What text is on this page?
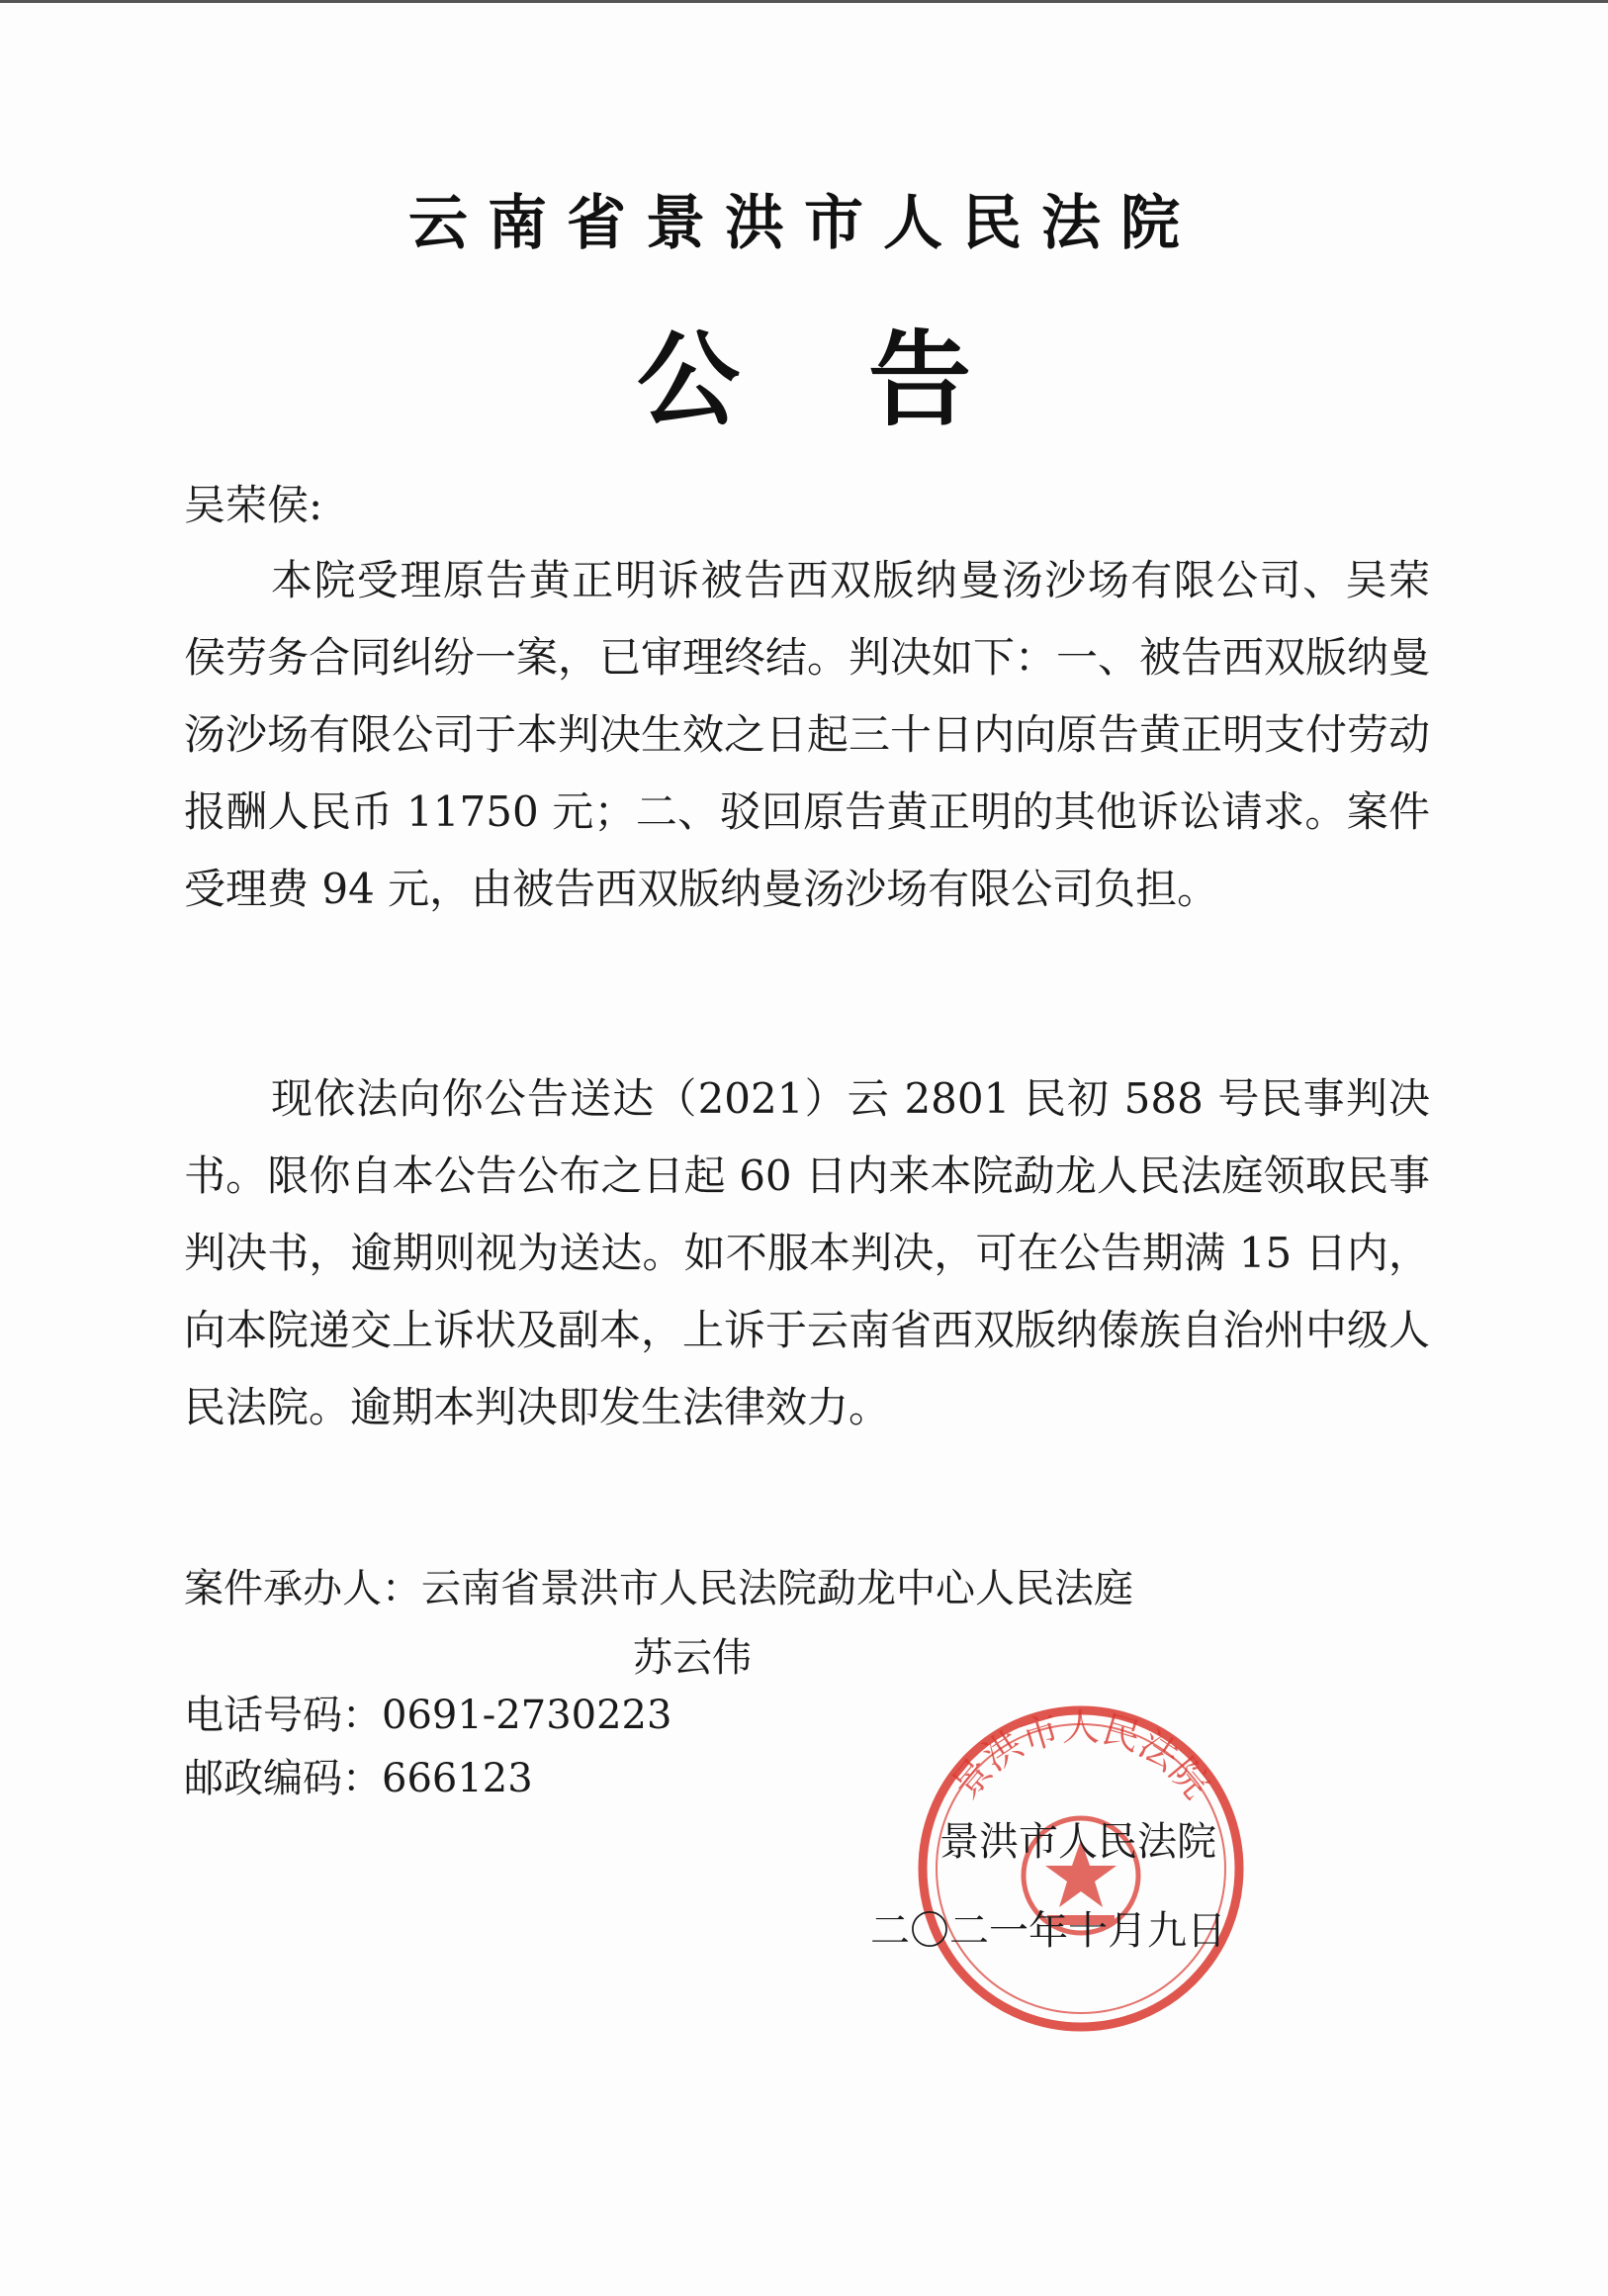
云南省景洪市人民法院
公 告
吴荣侯:
本院受理原告黄正明诉被告西双版纳曼汤沙场有限公司、吴荣侯劳务合同纠纷一案，已审理终结。判决如下：一、被告西双版纳曼汤沙场有限公司于本判决生效之日起三十日内向原告黄正明支付劳动报酬人民币 11750 元；二、驳回原告黄正明的其他诉讼请求。案件受理费 94 元，由被告西双版纳曼汤沙场有限公司负担。
现依法向你公告送达（2021）云 2801 民初 588 号民事判决书。限你自本公告公布之日起 60 日内来本院勐龙人民法庭领取民事判决书，逾期则视为送达。如不服本判决，可在公告期满 15 日内，向本院递交上诉状及副本，上诉于云南省西双版纳傣族自治州中级人民法院。逾期本判决即发生法律效力。
案件承办人：云南省景洪市人民法院勐龙中心人民法庭
苏云伟
电话号码：0691-2730223
邮政编码：666123	景洪市人民法院
景洪市人民法院
二〇二一年十月九日
